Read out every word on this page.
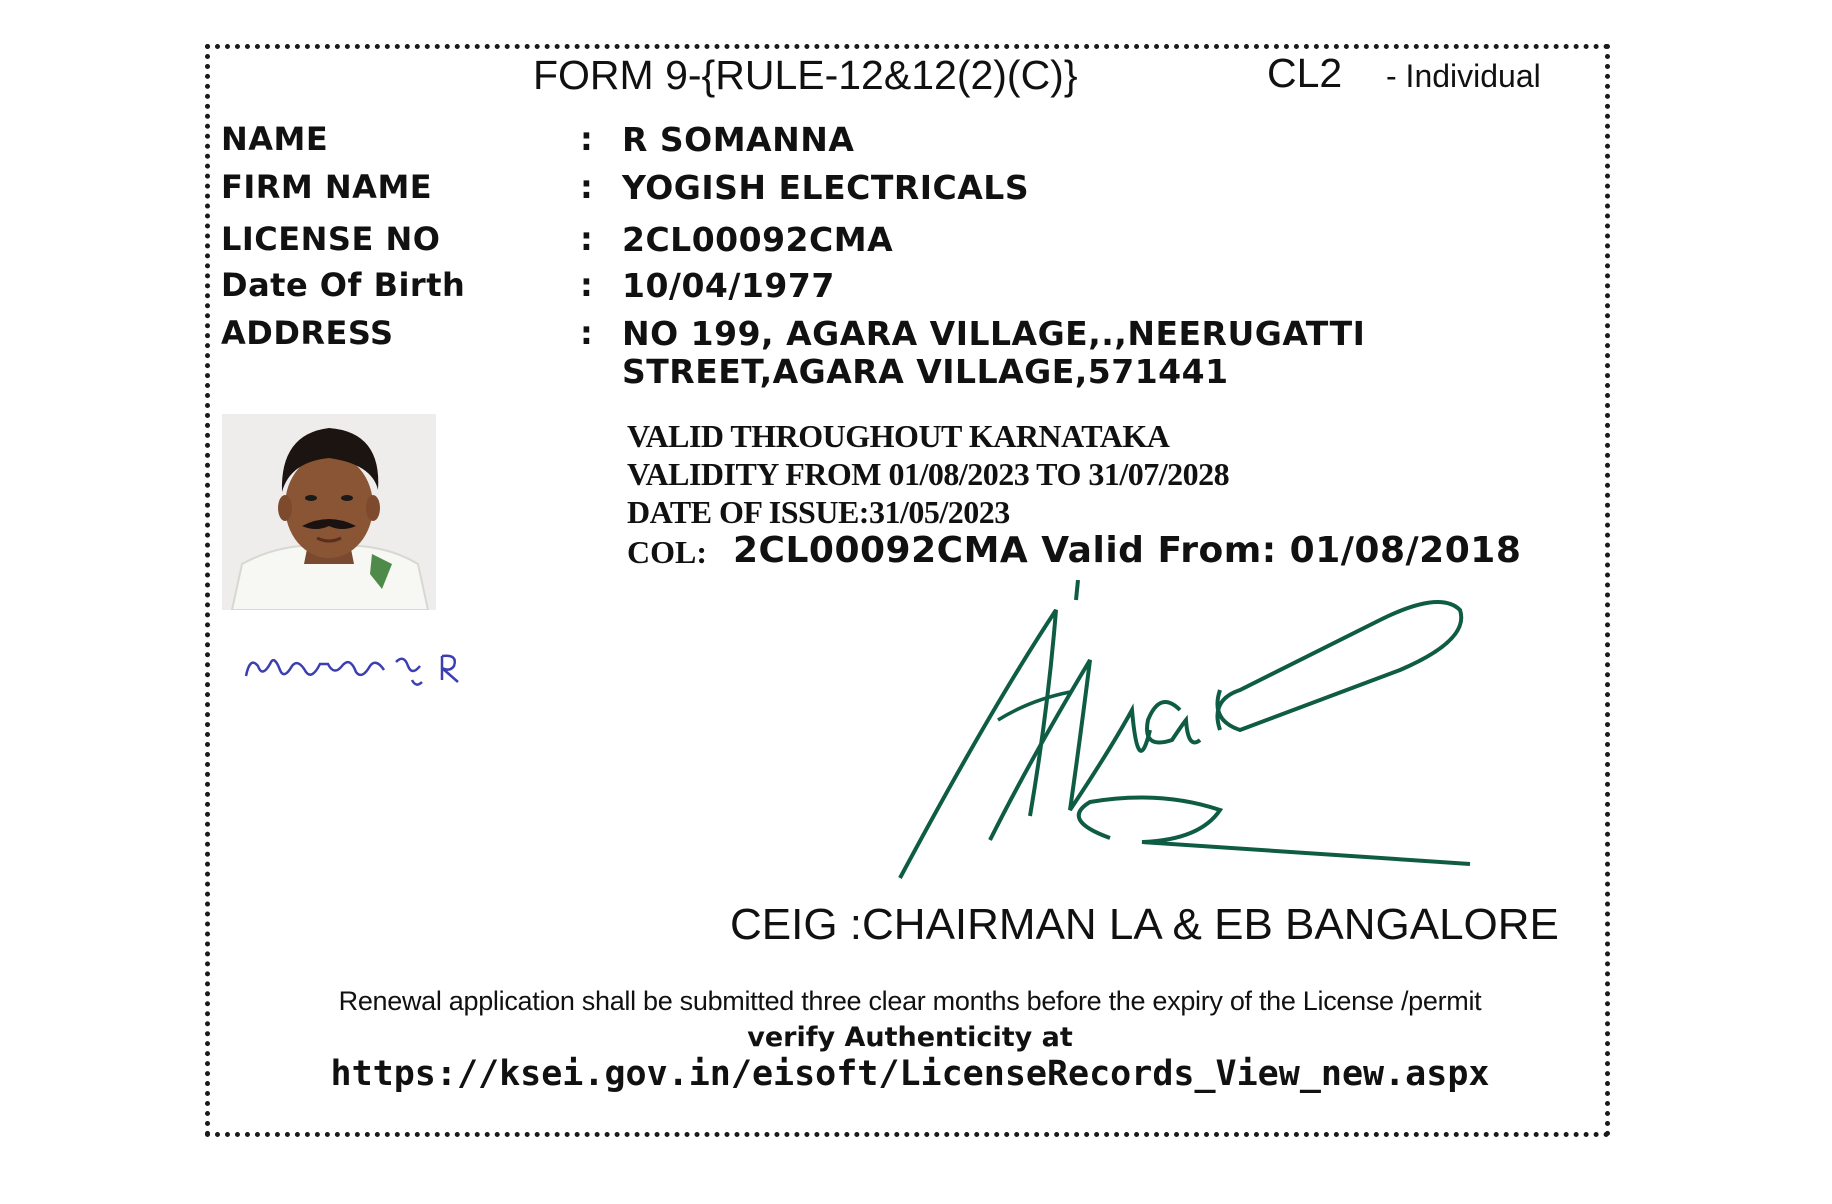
FORM 9-{RULE-12&12(2)(C)}	CL2 - Individual
NAME	: R SOMANNA
FIRM NAME	: YOGISH ELECTRICALS
LICENSE NO	: 2CL00092CMA
Date Of Birth	: 10/04/1977
ADDRESS	: NO 199, AGARA VILLAGE,.,NEERUGATTI
STREET,AGARA VILLAGE,571441
VALID THROUGHOUT KARNATAKA
VALIDITY FROM 01/08/2023 TO 31/07/2028
DATE OF ISSUE:31/05/2023
COL: 2CL00092CMA Valid From: 01/08/2018
CEIG :CHAIRMAN LA & EB BANGALORE
Renewal application shall be submitted three clear months before the expiry of the License /permit
verify Authenticity at
https://ksei.gov.in/eisoft/LicenseRecords_View_new.aspx
